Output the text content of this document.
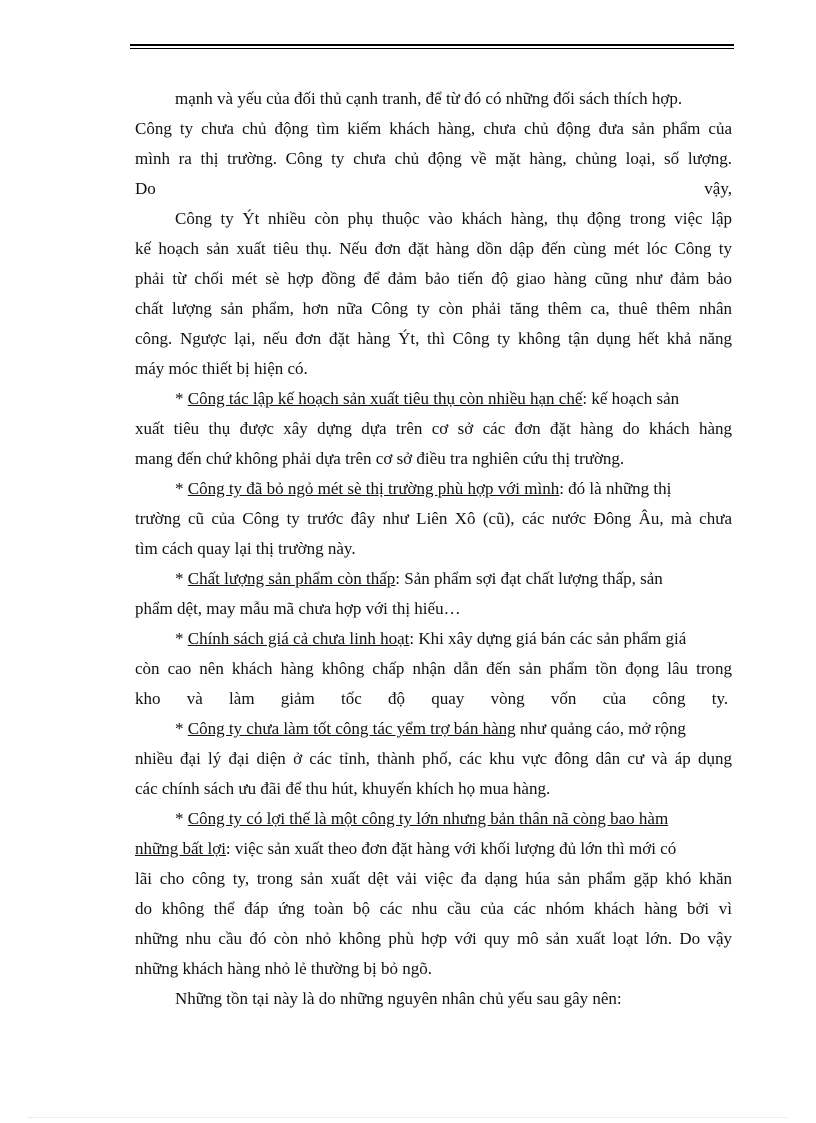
mạnh và yếu của đối thủ cạnh tranh, để từ đó có những đối sách thích hợp.
Công ty chưa chủ động tìm kiếm khách hàng, chưa chủ động đưa sản phẩm của
mình ra thị trường. Công ty chưa chủ động về mặt hàng, chủng loại, số lượng.
Do	vậy,
Công ty Ýt nhiều còn phụ thuộc vào khách hàng, thụ động trong việc lập
kế hoạch sản xuất tiêu thụ. Nếu đơn đặt hàng dồn dập đến cùng mét lóc Công ty
phải từ chối mét sè hợp đồng để đảm bảo tiến độ giao hàng cũng như đảm bảo
chất lượng sản phẩm, hơn nữa Công ty còn phải tăng thêm ca, thuê thêm nhân
công. Ngược lại, nếu đơn đặt hàng Ýt, thì Công ty không tận dụng hết khả năng
máy móc thiết bị hiện có.
* Công tác lập kế hoạch sản xuất tiêu thụ còn nhiều hạn chế: kế hoạch sản
xuất tiêu thụ được xây dựng dựa trên cơ sở các đơn đặt hàng do khách hàng
mang đến chứ không phải dựa trên cơ sở điều tra nghiên cứu thị trường.
* Công ty đã bỏ ngỏ mét sè thị trường phù hợp với mình: đó là những thị
trường cũ của Công ty trước đây như Liên Xô (cũ), các nước Đông Âu, mà chưa
tìm cách quay lại thị trường này.
* Chất lượng sản phẩm còn thấp: Sản phẩm sợi đạt chất lượng thấp, sản
phẩm dệt, may mẫu mã chưa hợp với thị hiếu…
* Chính sách giá cả chưa linh hoạt: Khi xây dựng giá bán các sản phẩm giá
còn cao nên khách hàng không chấp nhận dẫn đến sản phẩm tồn đọng lâu trong
kho và làm giảm tốc độ quay vòng vốn của công ty.
* Công ty chưa làm tốt công tác yểm trợ bán hàng như quảng cáo, mở rộng
nhiều đại lý đại diện ở các tỉnh, thành phố, các khu vực đông dân cư và áp dụng
các chính sách ưu đãi để thu hút, khuyến khích họ mua hàng.
* Công ty có lợi thế là một công ty lớn nhưng bản thân nã còng bao hàm
những bất lợi: việc sản xuất theo đơn đặt hàng với khối lượng đủ lớn thì mới có
lãi cho công ty, trong sản xuất dệt vải việc đa dạng húa sản phẩm gặp khó khăn
do không thể đáp ứng toàn bộ các nhu cầu của các nhóm khách hàng bởi vì
những nhu cầu đó còn nhỏ không phù hợp với quy mô sản xuất loạt lớn. Do vậy
những khách hàng nhỏ lẻ thường bị bỏ ngõ.
Những tồn tại này là do những nguyên nhân chủ yếu sau gây nên:
